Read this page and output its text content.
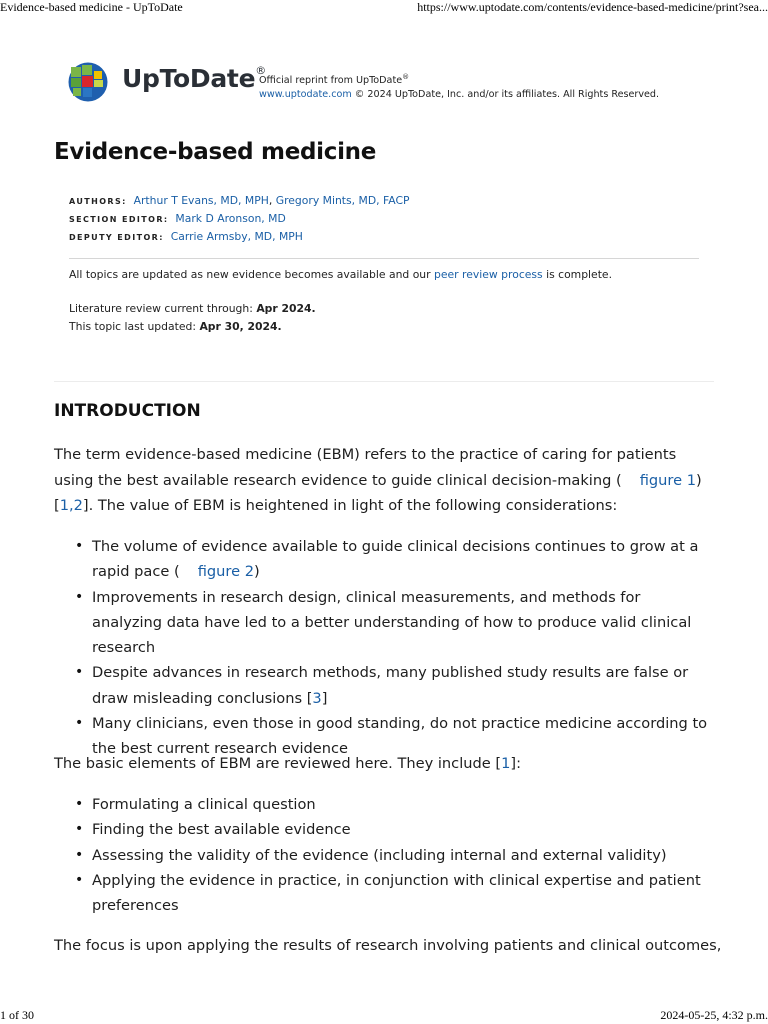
Evidence-based medicine - UpToDate	https://www.uptodate.com/contents/evidence-based-medicine/print?sea...
UpToDate®
Official reprint from UpToDate®
www.uptodate.com © 2024 UpToDate, Inc. and/or its affiliates. All Rights Reserved.
Evidence-based medicine
AUTHORS: Arthur T Evans, MD, MPH, Gregory Mints, MD, FACP
SECTION EDITOR: Mark D Aronson, MD
DEPUTY EDITOR: Carrie Armsby, MD, MPH
All topics are updated as new evidence becomes available and our peer review process is complete.
Literature review current through: Apr 2024.
This topic last updated: Apr 30, 2024.
INTRODUCTION
The term evidence-based medicine (EBM) refers to the practice of caring for patients using the best available research evidence to guide clinical decision-making ( figure 1) [1,2]. The value of EBM is heightened in light of the following considerations:
• The volume of evidence available to guide clinical decisions continues to grow at a rapid pace ( figure 2)
• Improvements in research design, clinical measurements, and methods for analyzing data have led to a better understanding of how to produce valid clinical research
• Despite advances in research methods, many published study results are false or draw misleading conclusions [3]
• Many clinicians, even those in good standing, do not practice medicine according to the best current research evidence
The basic elements of EBM are reviewed here. They include [1]:
• Formulating a clinical question
• Finding the best available evidence
• Assessing the validity of the evidence (including internal and external validity)
• Applying the evidence in practice, in conjunction with clinical expertise and patient preferences
The focus is upon applying the results of research involving patients and clinical outcomes,
1 of 30	2024-05-25, 4:32 p.m.
